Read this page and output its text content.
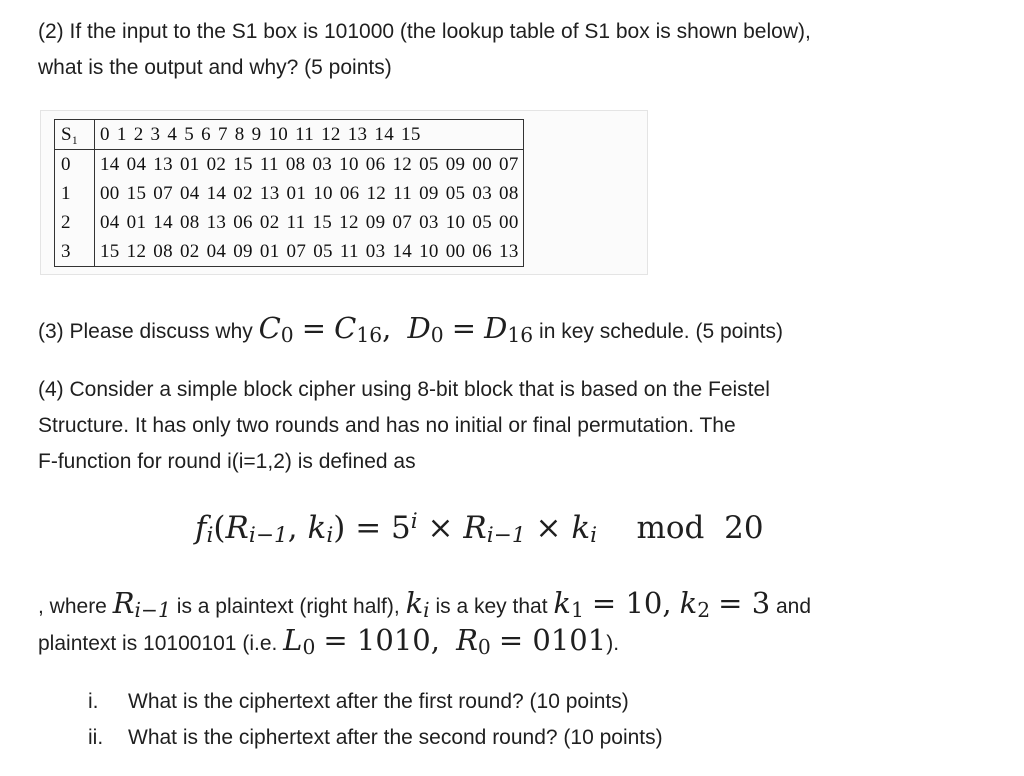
(2) If the input to the S1 box is 101000 (the lookup table of S1 box is shown below),
what is the output and why? (5 points)
S₁	0 1 2 3 4 5 6 7 8 9 10 11 12 13 14 15
0	14 04 13 01 02 15 11 08 03 10 06 12 05 09 00 07
1	00 15 07 04 14 02 13 01 10 06 12 11 09 05 03 08
2	04 01 14 08 13 06 02 11 15 12 09 07 03 10 05 00
3	15 12 08 02 04 09 01 07 05 11 03 14 10 00 06 13
(3) Please discuss why $C_0 = C_{16}$, $D_0 = D_{16}$ in key schedule. (5 points)
(4) Consider a simple block cipher using 8-bit block that is based on the Feistel
Structure. It has only two rounds and has no initial or final permutation. The
F-function for round i(i=1,2) is defined as
$f_i(R_{i-1}$, $k_i) = 5^i \times R_{i-1} \times k_i$    mod  20
, where $R_{i-1}$ is a plaintext (right half), $k_i$ is a key that $k_1 = 10$, $k_2 = 3$ and
plaintext is 10100101 (i.e. $L_0 = 1010$, $R_0 = 0101$).
i.	What is the ciphertext after the first round? (10 points)
ii.	What is the ciphertext after the second round? (10 points)
